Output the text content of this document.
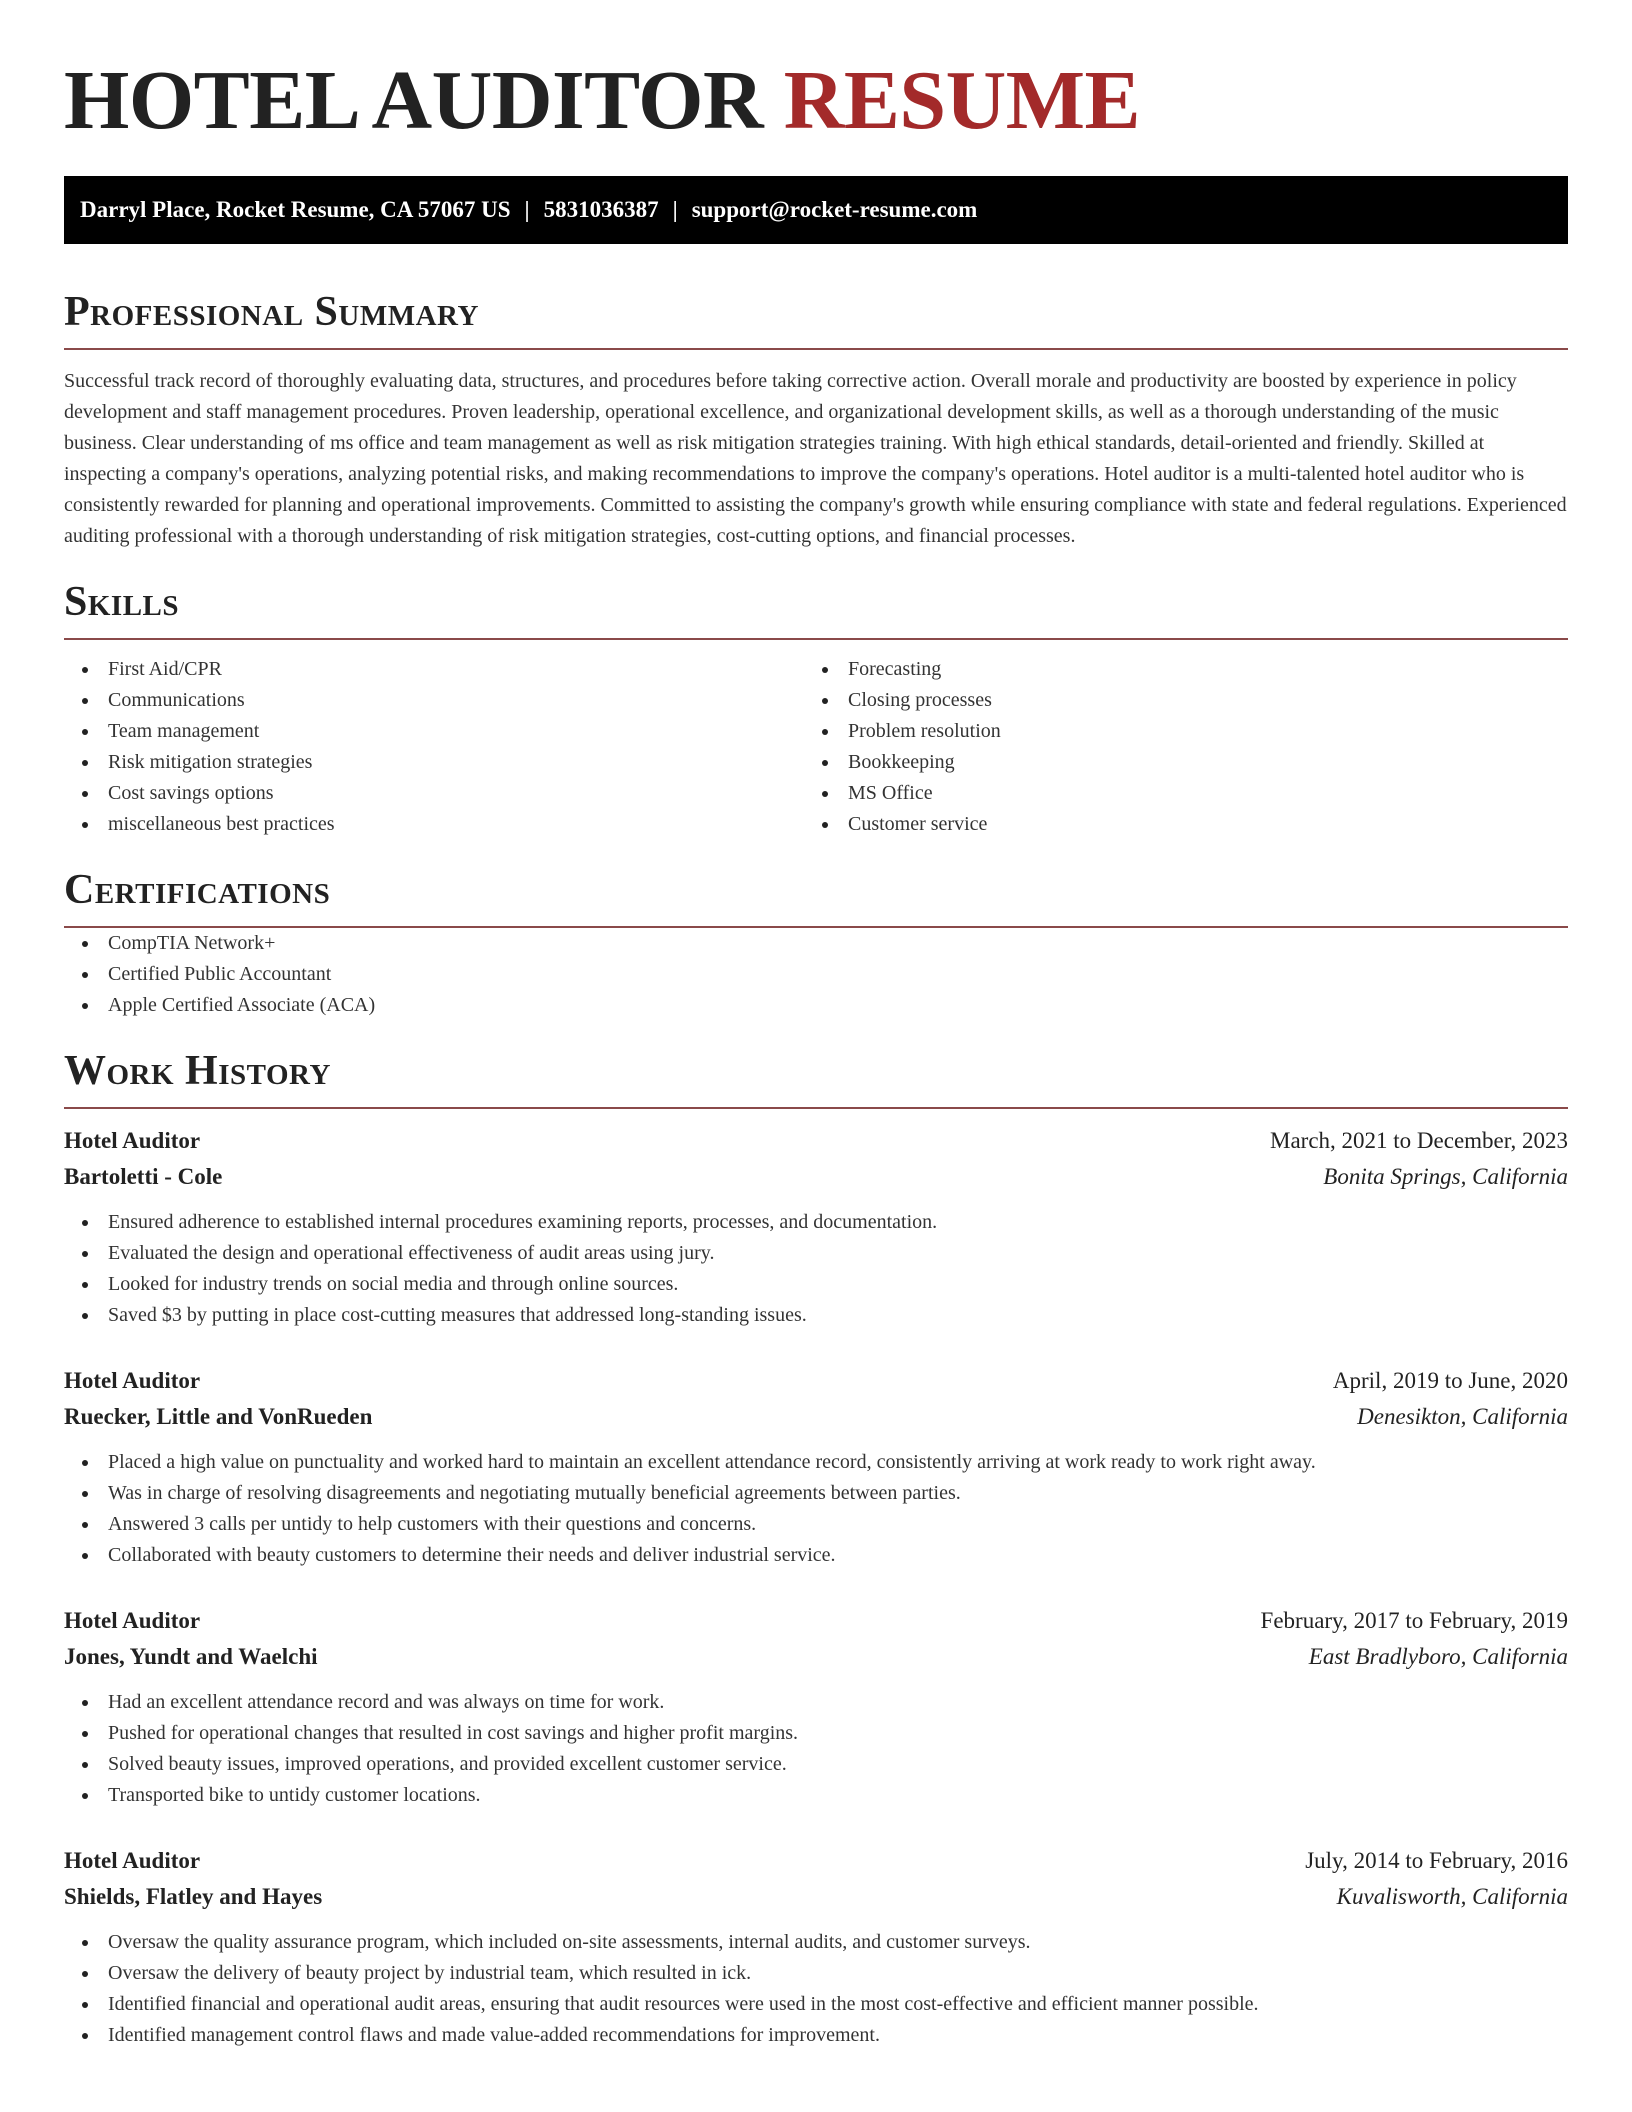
HOTEL AUDITOR RESUME
Darryl Place, Rocket Resume, CA 57067 US | 5831036387 | support@rocket-resume.com
Professional Summary

Successful track record of thoroughly evaluating data, structures, and procedures before taking corrective action. Overall morale and productivity are boosted by experience in policy development and staff management procedures. Proven leadership, operational excellence, and organizational development skills, as well as a thorough understanding of the music business. Clear understanding of ms office and team management as well as risk mitigation strategies training. With high ethical standards, detail-oriented and friendly. Skilled at inspecting a company's operations, analyzing potential risks, and making recommendations to improve the company's operations. Hotel auditor is a multi-talented hotel auditor who is consistently rewarded for planning and operational improvements. Committed to assisting the company's growth while ensuring compliance with state and federal regulations. Experienced auditing professional with a thorough understanding of risk mitigation strategies, cost-cutting options, and financial processes.

Skills
First Aid/CPR
Communications
Team management
Risk mitigation strategies
Cost savings options
miscellaneous best practices
Forecasting
Closing processes
Problem resolution
Bookkeeping
MS Office
Customer service
Certifications
CompTIA Network+
Certified Public Accountant
Apple Certified Associate (ACA)
Work History
Hotel Auditor	March, 2021 to December, 2023
Bartoletti - Cole	Bonita Springs, California
Ensured adherence to established internal procedures examining reports, processes, and documentation.
Evaluated the design and operational effectiveness of audit areas using jury.
Looked for industry trends on social media and through online sources.
Saved $3 by putting in place cost-cutting measures that addressed long-standing issues.
Hotel Auditor	April, 2019 to June, 2020
Ruecker, Little and VonRueden	Denesikton, California
Placed a high value on punctuality and worked hard to maintain an excellent attendance record, consistently arriving at work ready to work right away.
Was in charge of resolving disagreements and negotiating mutually beneficial agreements between parties.
Answered 3 calls per untidy to help customers with their questions and concerns.
Collaborated with beauty customers to determine their needs and deliver industrial service.
Hotel Auditor	February, 2017 to February, 2019
Jones, Yundt and Waelchi	East Bradlyboro, California
Had an excellent attendance record and was always on time for work.
Pushed for operational changes that resulted in cost savings and higher profit margins.
Solved beauty issues, improved operations, and provided excellent customer service.
Transported bike to untidy customer locations.
Hotel Auditor	July, 2014 to February, 2016
Shields, Flatley and Hayes	Kuvalisworth, California
Oversaw the quality assurance program, which included on-site assessments, internal audits, and customer surveys.
Oversaw the delivery of beauty project by industrial team, which resulted in ick.
Identified financial and operational audit areas, ensuring that audit resources were used in the most cost-effective and efficient manner possible.
Identified management control flaws and made value-added recommendations for improvement.
